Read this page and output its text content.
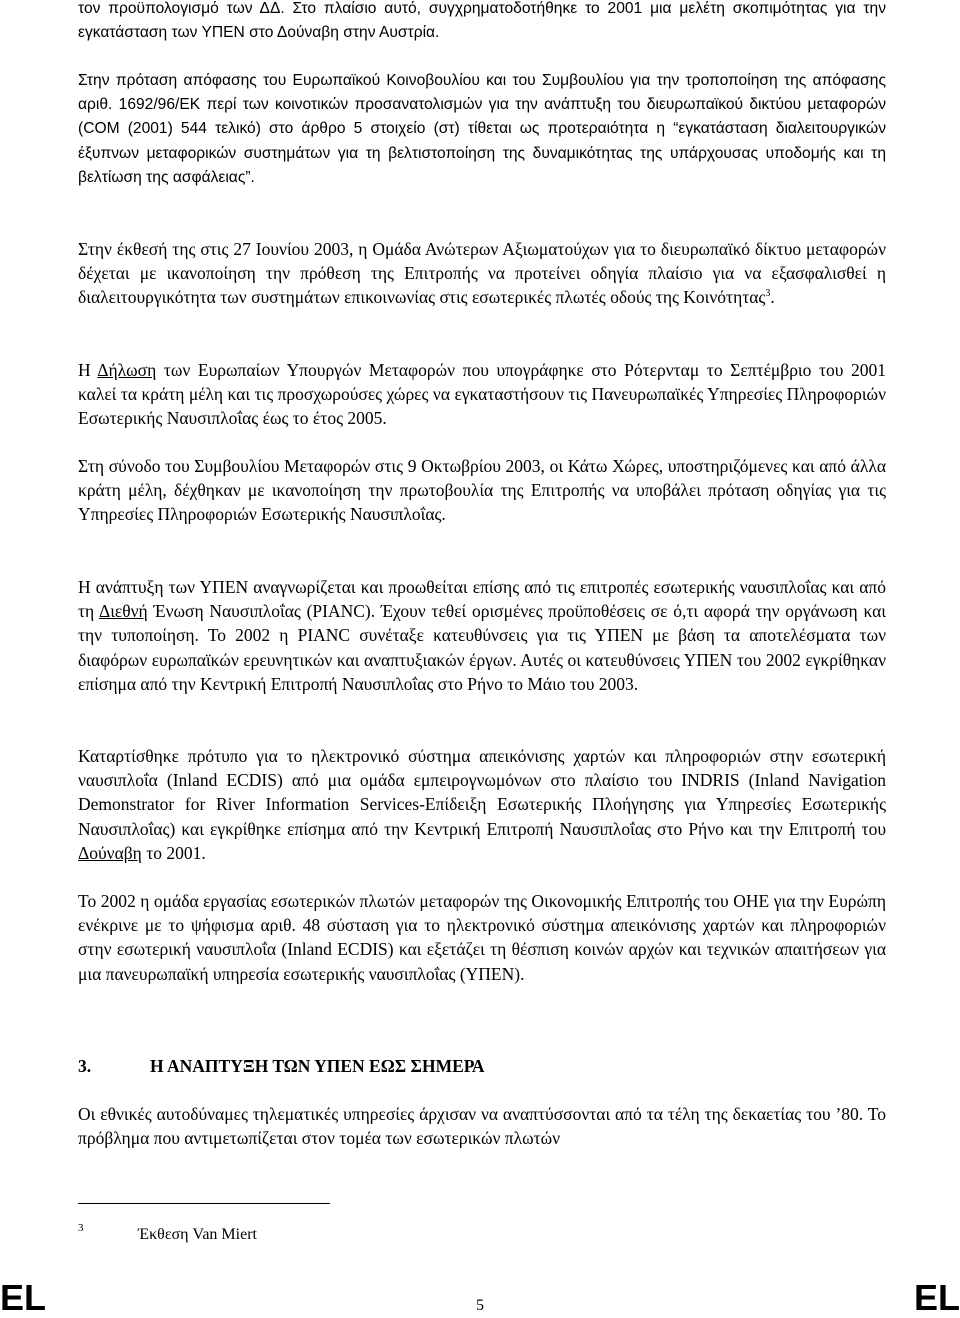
τον προϋπολογισμό των ΔΔ. Στο πλαίσιο αυτό, συγχρηματοδοτήθηκε το 2001 μια μελέτη σκοπιμότητας για την εγκατάσταση των ΥΠΕΝ στο Δούναβη στην Αυστρία.

Στην πρόταση απόφασης του Ευρωπαϊκού Κοινοβουλίου και του Συμβουλίου για την τροποποίηση της απόφασης αριθ. 1692/96/ΕΚ περί των κοινοτικών προσανατολισμών για την ανάπτυξη του διευρωπαϊκού δικτύου μεταφορών (COM (2001) 544 τελικό) στο άρθρο 5 στοιχείο (στ) τίθεται ως προτεραιότητα η “εγκατάσταση διαλειτουργικών έξυπνων μεταφορικών συστημάτων για τη βελτιστοποίηση της δυναμικότητας της υπάρχουσας υποδομής και τη βελτίωση της ασφάλειας”.

Στην έκθεσή της στις 27 Ιουνίου 2003, η Ομάδα Ανώτερων Αξιωματούχων για το διευρωπαϊκό δίκτυο μεταφορών δέχεται με ικανοποίηση την πρόθεση της Επιτροπής να προτείνει οδηγία πλαίσιο για να εξασφαλισθεί η διαλειτουργικότητα των συστημάτων επικοινωνίας στις εσωτερικές πλωτές οδούς της Κοινότητας$^3$.

Η Δήλωση των Ευρωπαίων Υπουργών Μεταφορών που υπογράφηκε στο Ρότερνταμ το Σεπτέμβριο του 2001 καλεί τα κράτη μέλη και τις προσχωρούσες χώρες να εγκαταστήσουν τις Πανευρωπαϊκές Υπηρεσίες Πληροφοριών Εσωτερικής Ναυσιπλοΐας έως το έτος 2005.

Στη σύνοδο του Συμβουλίου Μεταφορών στις 9 Οκτωβρίου 2003, οι Κάτω Χώρες, υποστηριζόμενες και από άλλα κράτη μέλη, δέχθηκαν με ικανοποίηση την πρωτοβουλία της Επιτροπής να υποβάλει πρόταση οδηγίας για τις Υπηρεσίες Πληροφοριών Εσωτερικής Ναυσιπλοΐας.

Η ανάπτυξη των ΥΠΕΝ αναγνωρίζεται και προωθείται επίσης από τις επιτροπές εσωτερικής ναυσιπλοΐας και από τη Διεθνή Ένωση Ναυσιπλοΐας (PIANC). Έχουν τεθεί ορισμένες προϋποθέσεις σε ό,τι αφορά την οργάνωση και την τυποποίηση. Το 2002 η PIANC συνέταξε κατευθύνσεις για τις ΥΠΕΝ με βάση τα αποτελέσματα των διαφόρων ευρωπαϊκών ερευνητικών και αναπτυξιακών έργων. Αυτές οι κατευθύνσεις ΥΠΕΝ του 2002 εγκρίθηκαν επίσημα από την Κεντρική Επιτροπή Ναυσιπλοΐας στο Ρήνο το Μάιο του 2003.

Καταρτίσθηκε πρότυπο για το ηλεκτρονικό σύστημα απεικόνισης χαρτών και πληροφοριών στην εσωτερική ναυσιπλοΐα (Inland ECDIS) από μια ομάδα εμπειρογνωμόνων στο πλαίσιο του INDRIS (Inland Navigation Demonstrator for River Information Services-Επίδειξη Εσωτερικής Πλοήγησης για Υπηρεσίες Εσωτερικής Ναυσιπλοΐας) και εγκρίθηκε επίσημα από την Κεντρική Επιτροπή Ναυσιπλοΐας στο Ρήνο και την Επιτροπή του Δούναβη το 2001.

Το 2002 η ομάδα εργασίας εσωτερικών πλωτών μεταφορών της Οικονομικής Επιτροπής του ΟΗΕ για την Ευρώπη ενέκρινε με το ψήφισμα αριθ. 48 σύσταση για το ηλεκτρονικό σύστημα απεικόνισης χαρτών και πληροφοριών στην εσωτερική ναυσιπλοΐα (Inland ECDIS) και εξετάζει τη θέσπιση κοινών αρχών και τεχνικών απαιτήσεων για μια πανευρωπαϊκή υπηρεσία εσωτερικής ναυσιπλοΐας (ΥΠΕΝ).

Οι εθνικές αυτοδύναμες τηλεματικές υπηρεσίες άρχισαν να αναπτύσσονται από τα τέλη της δεκαετίας του ’80. Το πρόβλημα που αντιμετωπίζεται στον τομέα των εσωτερικών πλωτών

3.	Η ΑΝΑΠΤΥΞΗ ΤΩΝ ΥΠΕΝ ΕΩΣ ΣΗΜΕΡΑ
3	Έκθεση Van Miert
EL	5	EL
